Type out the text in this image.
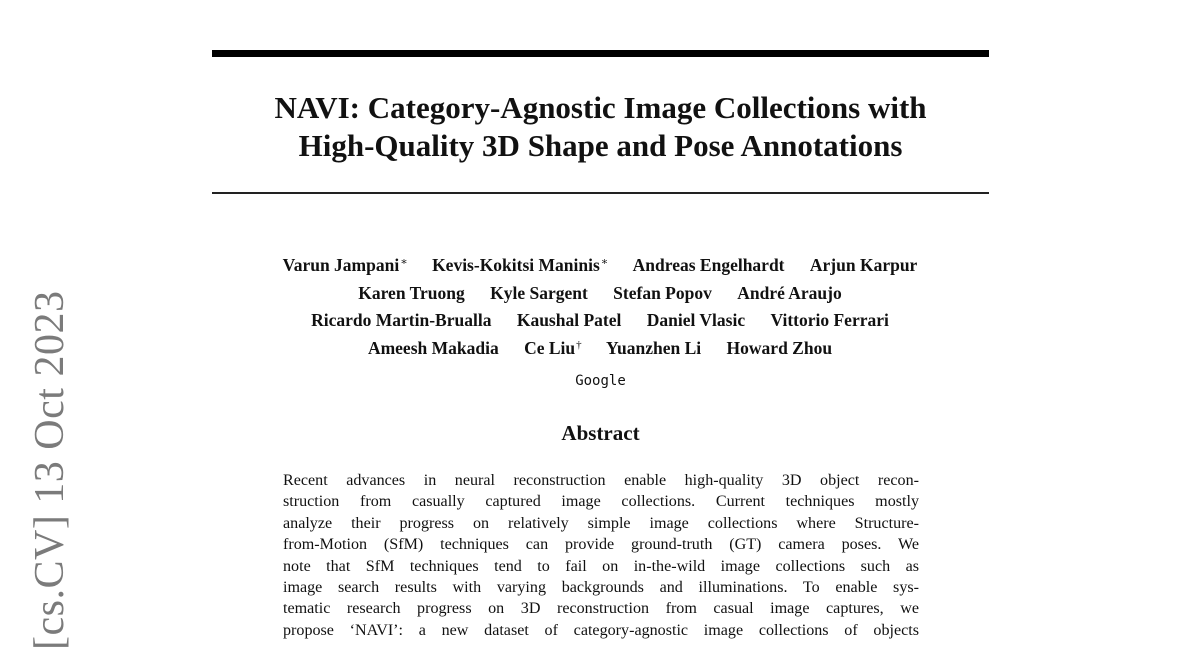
NAVI: Category-Agnostic Image Collections with
High-Quality 3D Shape and Pose Annotations
Varun Jampani∗ Kevis-Kokitsi Maninis∗ Andreas Engelhardt Arjun Karpur
Karen Truong Kyle Sargent Stefan Popov André Araujo
Ricardo Martin-Brualla Kaushal Patel Daniel Vlasic Vittorio Ferrari
Ameesh Makadia Ce Liu† Yuanzhen Li Howard Zhou
Google
Abstract
Recent advances in neural reconstruction enable high-quality 3D object recon-
struction from casually captured image collections. Current techniques mostly
analyze their progress on relatively simple image collections where Structure-
from-Motion (SfM) techniques can provide ground-truth (GT) camera poses. We
note that SfM techniques tend to fail on in-the-wild image collections such as
image search results with varying backgrounds and illuminations. To enable sys-
tematic research progress on 3D reconstruction from casual image captures, we
propose ‘NAVI’: a new dataset of category-agnostic image collections of objects
[cs.CV] 13 Oct 2023
